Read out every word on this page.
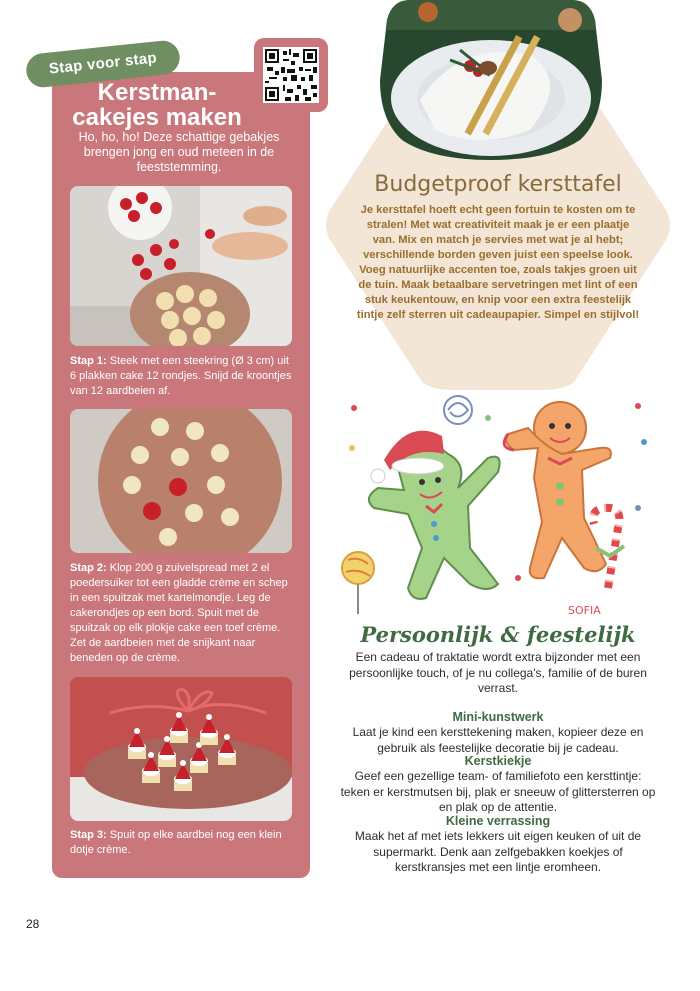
Budgetproof kersttafel
Je kersttafel hoeft echt geen fortuin te kosten om te stralen! Met wat creativiteit maak je er een plaatje van. Mix en match je servies met wat je al hebt; verschillende borden geven juist een speelse look. Voeg natuurlijke accenten toe, zoals takjes groen uit de tuin. Maak betaalbare servetringen met lint of een stuk keukentouw, en knip voor een extra feestelijk tintje zelf sterren uit cadeaupapier. Simpel en stijlvol!
SOFIA
Persoonlijk & feestelijk
Een cadeau of traktatie wordt extra bijzonder met een persoonlijke touch, of je nu collega's, familie of de buren verrast.
Mini-kunstwerk
Laat je kind een kersttekening maken, kopieer deze en gebruik als feestelijke decoratie bij je cadeau.
Kerstkiekje
Geef een gezellige team- of familiefoto een kersttintje: teken er kerstmutsen bij, plak er sneeuw of glittersterren op en plak op de attentie.
Kleine verrassing
Maak het af met iets lekkers uit eigen keuken of uit de supermarkt. Denk aan zelfgebakken koekjes of kerstkransjes met een lintje eromheen.
Stap voor stap
Kerstman-
cakejes maken
Ho, ho, ho! Deze schattige gebakjes brengen jong en oud meteen in de feeststemming.
Stap 1: Steek met een steekring (Ø 3 cm) uit 6 plakken cake 12 rondjes. Snijd de kroontjes van 12 aardbeien af.
Stap 2: Klop 200 g zuivelspread met 2 el poedersuiker tot een gladde crème en schep in een spuitzak met kartelmondje. Leg de cakerondjes op een bord. Spuit met de spuitzak op elk plokje cake een toef crème. Zet de aardbeien met de snijkant naar beneden op de crème.
Stap 3: Spuit op elke aardbei nog een klein dotje crème.
28
